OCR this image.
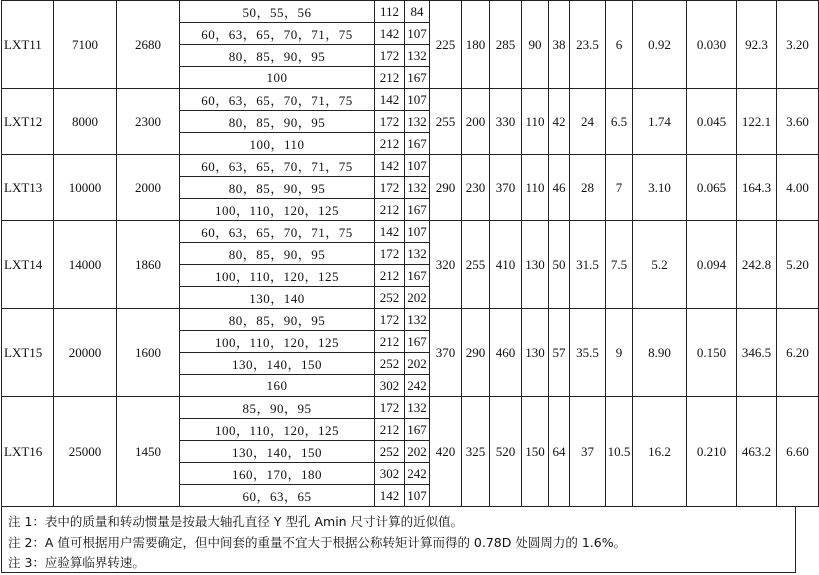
LXT11	7100	2680	50，55，56	112	84	225	180	285	90	38	23.5	6	0.92	0.030	92.3	3.20
			60，63，65，70，71，75	142	107											
			80，85，90，95	172	132											
			100	212	167											
LXT12	8000	2300	60，63，65，70，71，75	142	107	255	200	330	110	42	24	6.5	1.74	0.045	122.1	3.60
			80，85，90，95	172	132											
			100，110	212	167											
LXT13	10000	2000	60，63，65，70，71，75	142	107	290	230	370	110	46	28	7	3.10	0.065	164.3	4.00
			80，85，90，95	172	132											
			100，110，120，125	212	167											
LXT14	14000	1860	60，63，65，70，71，75	142	107	320	255	410	130	50	31.5	7.5	5.2	0.094	242.8	5.20
			80，85，90，95	172	132											
			100，110，120，125	212	167											
			130，140	252	202											
LXT15	20000	1600	80，85，90，95	172	132	370	290	460	130	57	35.5	9	8.90	0.150	346.5	6.20
			100，110，120，125	212	167											
			130，140，150	252	202											
			160	302	242											
LXT16	25000	1450	85，90，95	172	132	420	325	520	150	64	37	10.5	16.2	0.210	463.2	6.60
			100，110，120，125	212	167											
			130，140，150	252	202											
			160，170，180	302	242											
			60，63，65	142	107											
注 1：表中的质量和转动惯量是按最大轴孔直径 Y 型孔 Amin 尺寸计算的近似值。
注 2：A 值可根据用户需要确定，但中间套的重量不宜大于根据公称转矩计算而得的 0.78D 处圆周力的 1.6%。
注 3：应验算临界转速。
